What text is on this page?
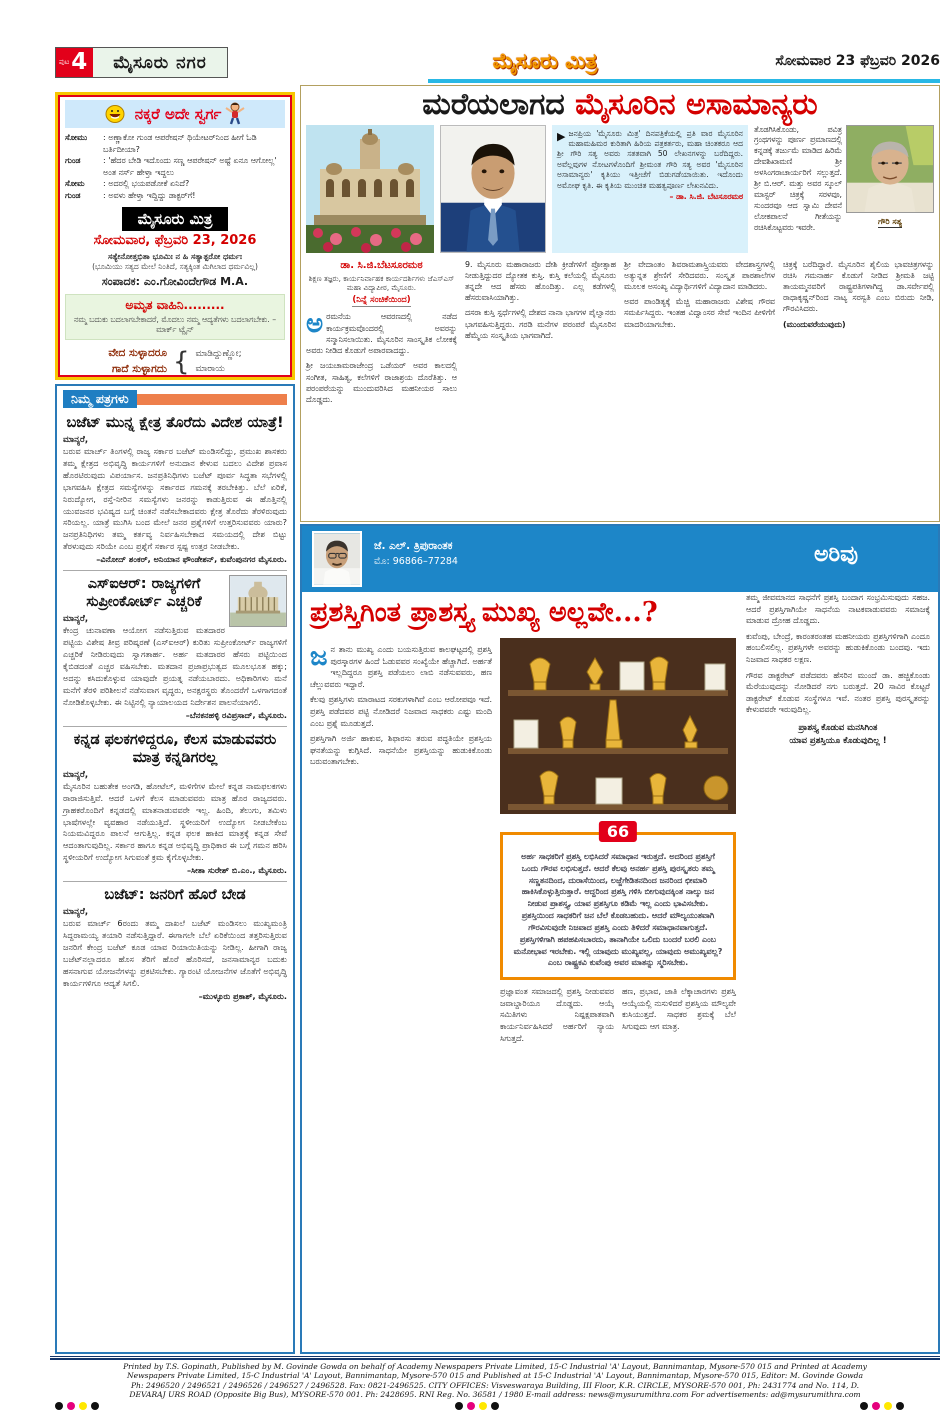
ಪುಟ 4	ಮೈಸೂರು ನಗರ	ಮೈಸೂರು ಮಿತ್ರ	ಸೋಮವಾರ 23 ಫೆಬ್ರವರಿ 2026
ನಕ್ಕರೆ ಅದೇ ಸ್ವರ್ಗ
ಸೋಮು	: ಅಣ್ಣಾಕೋ ಗುಂಡ ಆಪರೇಷನ್ ಥಿಯೇಟರ್‌ನಿಂದ ಹೀಗೆ ಓಡಿ ಬರ್ತಿದೀಯಾ?
ಗುಂಡ	: 'ಹೆದರ ಬೇಡಿ ಇದೊಂದು ಸಣ್ಣ ಆಪರೇಷನ್ ಅಷ್ಟೆ ಏನೂ ಆಗೋಲ್ಲ' ಅಂತ ನರ್ಸ್ ಹೇಳ್ತಾ ಇದ್ದಲು
ಸೋಮ	: ಅದರಲ್ಲಿ ಭಯಪಡೋಕೆ ಏನಿದೆ?
ಗುಂಡ	: ಅವಳು ಹೇಳ್ತಾ ಇದ್ದಿದ್ದು ಡಾಕ್ಟರ್‌ಗೆ!
ಮೈಸೂರು ಮಿತ್ರ
ಸೋಮವಾರ, ಫೆಬ್ರವರಿ 23, 2026
ಸತ್ಯೇನೋತ್ತಭಿತಾ ಭೂಮಿಃ ನ ಹಿ ಸತ್ಯಾತ್ಪರೋ ಧರ್ಮಃ
(ಭೂಮಿಯು ಸತ್ಯದ ಮೇಲೆ ನಿಂತಿದೆ, ಸತ್ಯಕ್ಕಿಂತ ಮಿಗಿಲಾದ ಧರ್ಮವಿಲ್ಲ)
ಸಂಪಾದಕ: ಎಂ.ಗೋವಿಂದೇಗೌಡ M.A.
ಅಮೃತ ವಾಹಿನಿ.........
ನಮ್ಮ ಬದುಕು ಬದಲಾಗಬೇಕಾದರೆ, ಮೊದಲು ನಮ್ಮ ಆದ್ಯತೆಗಳು ಬದಲಾಗಬೇಕು. –ಮಾರ್ಕ್ ಟ್ವೈನ್
ವೇದ ಸುಳ್ಳಾದರೂ
ಗಾದೆ ಸುಳ್ಳಾಗದು { ಮಾಡಿದ್ದುಣ್ಣೋ;
ಮಾರಾಯ
ನಿಮ್ಮ ಪತ್ರಗಳು
ಬಜೆಟ್ ಮುನ್ನ ಕ್ಷೇತ್ರ ತೊರೆದು ವಿದೇಶ ಯಾತ್ರೆ!
ಮಾನ್ಯರೆ,
ಬರುವ ಮಾರ್ಚ್ ತಿಂಗಳಲ್ಲಿ ರಾಜ್ಯ ಸರ್ಕಾರ ಬಜೆಟ್ ಮಂಡಿಸಲಿದ್ದು, ಪ್ರಮುಖ ಶಾಸಕರು ತಮ್ಮ ಕ್ಷೇತ್ರದ ಅಭಿವೃದ್ಧಿ ಕಾರ್ಯಗಳಿಗೆ ಅನುದಾನ ಕೇಳುವ ಬದಲು ವಿದೇಶ ಪ್ರವಾಸ ಹೊರಟಿರುವುದು ವಿಪರ್ಯಾಸ. ಜನಪ್ರತಿನಿಧಿಗಳು ಬಜೆಟ್ ಪೂರ್ವ ಸಿದ್ಧತಾ ಸಭೆಗಳಲ್ಲಿ ಭಾಗವಹಿಸಿ ಕ್ಷೇತ್ರದ ಸಮಸ್ಯೆಗಳನ್ನು ಸರ್ಕಾರದ ಗಮನಕ್ಕೆ ತರಬೇಕಿತ್ತು. ಬೆಲೆ ಏರಿಕೆ, ನಿರುದ್ಯೋಗ, ರಸ್ತೆ-ನೀರಿನ ಸಮಸ್ಯೆಗಳು ಜನರನ್ನು ಕಾಡುತ್ತಿರುವ ಈ ಹೊತ್ತಿನಲ್ಲಿ ಯುವಜನರ ಭವಿಷ್ಯದ ಬಗ್ಗೆ ಚಿಂತನೆ ನಡೆಸಬೇಕಾದವರು ಕ್ಷೇತ್ರ ತೊರೆದು ತೆರಳಿರುವುದು ಸರಿಯಲ್ಲ. ಯಾತ್ರೆ ಮುಗಿಸಿ ಬಂದ ಮೇಲೆ ಜನರ ಪ್ರಶ್ನೆಗಳಿಗೆ ಉತ್ತರಿಸುವವರು ಯಾರು? ಜನಪ್ರತಿನಿಧಿಗಳು ತಮ್ಮ ಕರ್ತವ್ಯ ನಿರ್ವಹಿಸಬೇಕಾದ ಸಮಯದಲ್ಲಿ ದೇಶ ಬಿಟ್ಟು ತೆರಳುವುದು ಸರಿಯೇ ಎಂಬ ಪ್ರಶ್ನೆಗೆ ಸರ್ಕಾರ ಸ್ಪಷ್ಟ ಉತ್ತರ ನೀಡಬೇಕು.
–ವಿನೋದ್ ಶಂಕರ್, ಅನಿಯಾನ ಫೌಂಡೇಶನ್, ಕುವೆಂಪುನಗರ ಮೈಸೂರು.
ಎಸ್‌ಐಆರ್: ರಾಜ್ಯಗಳಿಗೆ ಸುಪ್ರೀಂಕೋರ್ಟ್ ಎಚ್ಚರಿಕೆ
ಮಾನ್ಯರೆ,
ಕೇಂದ್ರ ಚುನಾವಣಾ ಆಯೋಗ ನಡೆಸುತ್ತಿರುವ ಮತದಾರರ ಪಟ್ಟಿಯ ವಿಶೇಷ ತೀವ್ರ ಪರಿಷ್ಕರಣೆ (ಎಸ್‌ಐಆರ್) ಕುರಿತು ಸುಪ್ರೀಂಕೋರ್ಟ್ ರಾಜ್ಯಗಳಿಗೆ ಎಚ್ಚರಿಕೆ ನೀಡಿರುವುದು ಸ್ವಾಗತಾರ್ಹ. ಅರ್ಹ ಮತದಾರರ ಹೆಸರು ಪಟ್ಟಿಯಿಂದ ಕೈಬಿಡದಂತೆ ಎಚ್ಚರ ವಹಿಸಬೇಕು. ಮತದಾನ ಪ್ರಜಾಪ್ರಭುತ್ವದ ಮೂಲಭೂತ ಹಕ್ಕು; ಅದನ್ನು ಕಸಿದುಕೊಳ್ಳುವ ಯಾವುದೇ ಪ್ರಯತ್ನ ನಡೆಯಬಾರದು. ಅಧಿಕಾರಿಗಳು ಮನೆ ಮನೆಗೆ ತೆರಳಿ ಪರಿಶೀಲನೆ ನಡೆಸುವಾಗ ವೃದ್ಧರು, ಅನಕ್ಷರಸ್ಥರು ತೊಂದರೆಗೆ ಒಳಗಾಗದಂತೆ ನೋಡಿಕೊಳ್ಳಬೇಕು. ಈ ನಿಟ್ಟಿನಲ್ಲಿ ನ್ಯಾಯಾಲಯದ ನಿರ್ದೇಶನ ಪಾಲನೆಯಾಗಲಿ.
–ಬೆನಕನಹಳ್ಳಿ ರವಿಪ್ರಸಾದ್, ಮೈಸೂರು.
ಕನ್ನಡ ಫಲಕಗಳಿದ್ದರೂ, ಕೆಲಸ ಮಾಡುವವರು ಮಾತ್ರ ಕನ್ನಡಿಗರಲ್ಲ
ಮಾನ್ಯರೆ,
ಮೈಸೂರಿನ ಬಹುತೇಕ ಅಂಗಡಿ, ಹೋಟೆಲ್, ಮಳಿಗೆಗಳ ಮೇಲೆ ಕನ್ನಡ ನಾಮಫಲಕಗಳು ರಾರಾಜಿಸುತ್ತಿವೆ. ಆದರೆ ಒಳಗೆ ಕೆಲಸ ಮಾಡುವವರು ಮಾತ್ರ ಹೊರ ರಾಜ್ಯದವರು. ಗ್ರಾಹಕರೊಂದಿಗೆ ಕನ್ನಡದಲ್ಲಿ ಮಾತನಾಡುವವರೇ ಇಲ್ಲ. ಹಿಂದಿ, ತೆಲುಗು, ತಮಿಳು ಭಾಷೆಗಳಲ್ಲೇ ವ್ಯವಹಾರ ನಡೆಯುತ್ತಿದೆ. ಸ್ಥಳೀಯರಿಗೆ ಉದ್ಯೋಗ ನೀಡಬೇಕೆಂಬ ನಿಯಮವಿದ್ದರೂ ಪಾಲನೆ ಆಗುತ್ತಿಲ್ಲ. ಕನ್ನಡ ಫಲಕ ಹಾಕಿದ ಮಾತ್ರಕ್ಕೆ ಕನ್ನಡ ಸೇವೆ ಆದಂತಾಗುವುದಿಲ್ಲ. ಸರ್ಕಾರ ಹಾಗೂ ಕನ್ನಡ ಅಭಿವೃದ್ಧಿ ಪ್ರಾಧಿಕಾರ ಈ ಬಗ್ಗೆ ಗಮನ ಹರಿಸಿ ಸ್ಥಳೀಯರಿಗೆ ಉದ್ಯೋಗ ಸಿಗುವಂತೆ ಕ್ರಮ ಕೈಗೊಳ್ಳಬೇಕು.
–ಸೀತಾ ಸುರೇಶ್ ಬಿ.ಎಂ., ಮೈಸೂರು.
ಬಜೆಟ್: ಜನರಿಗೆ ಹೊರೆ ಬೇಡ
ಮಾನ್ಯರೆ,
ಬರುವ ಮಾರ್ಚ್ 6ರಂದು ತಮ್ಮ ದಾಖಲೆ ಬಜೆಟ್ ಮಂಡಿಸಲು ಮುಖ್ಯಮಂತ್ರಿ ಸಿದ್ದರಾಮಯ್ಯ ತಯಾರಿ ನಡೆಸುತ್ತಿದ್ದಾರೆ. ಈಗಾಗಲೇ ಬೆಲೆ ಏರಿಕೆಯಿಂದ ತತ್ತರಿಸುತ್ತಿರುವ ಜನರಿಗೆ ಕೇಂದ್ರ ಬಜೆಟ್ ಕೂಡ ಯಾವ ರಿಯಾಯಿತಿಯನ್ನು ನೀಡಿಲ್ಲ. ಹೀಗಾಗಿ ರಾಜ್ಯ ಬಜೆಟ್‌ನಲ್ಲಾದರೂ ಹೊಸ ತೆರಿಗೆ ಹೊರೆ ಹೊರಿಸದೆ, ಜನಸಾಮಾನ್ಯರ ಬದುಕು ಹಸನಾಗುವ ಯೋಜನೆಗಳನ್ನು ಪ್ರಕಟಿಸಬೇಕು. ಗ್ಯಾರಂಟಿ ಯೋಜನೆಗಳ ಜೊತೆಗೆ ಅಭಿವೃದ್ಧಿ ಕಾರ್ಯಗಳಿಗೂ ಆದ್ಯತೆ ಸಿಗಲಿ.
–ಮುಳ್ಳೂರು ಪ್ರಕಾಶ್, ಮೈಸೂರು.
ಮರೆಯಲಾಗದ ಮೈಸೂರಿನ ಅಸಾಮಾನ್ಯರು
▶ ಜನಪ್ರಿಯ 'ಮೈಸೂರು ಮಿತ್ರ' ದಿನಪತ್ರಿಕೆಯಲ್ಲಿ ಪ್ರತಿ ವಾರ ಮೈಸೂರಿನ ಮಹಾಮಹಿಮರ ಕುರಿತಾಗಿ ಹಿರಿಯ ಪತ್ರಕರ್ತರು, ಮಹಾ ಚಿಂತಕರೂ ಆದ ಶ್ರೀ ಗೌರಿ ಸತ್ಯ ಅವರು ಸತತವಾಗಿ 50 ಲೇಖನಗಳನ್ನು ಬರೆದಿದ್ದರು. ಅವೆಲ್ಲವುಗಳ ನೋಟಗಳೊಂದಿಗೆ ಶ್ರೀಮಂತ ಗೌರಿ ಸತ್ಯ ಅವರ 'ಮೈಸೂರಿನ ಅಸಾಮಾನ್ಯರು' ಕೃತಿಯು ಇತ್ತೀಚೆಗೆ ಬಿಡುಗಡೆಯಾಯಿತು. ಇದೊಂದು ಅಮೋಘ ಕೃತಿ. ಈ ಕೃತಿಯ ಮುಂಚಿತ ಮಹತ್ವಪೂರ್ಣ ಲೇಖನವಿದು.
– ಡಾ. ಸಿ.ಜಿ. ಬೆಟಸೂರಮಠ
ಗೌರಿ ಸತ್ಯ
ತೊಡಗಿಸಿಕೊಂಡು, ಪವಿತ್ರ ಗ್ರಂಥಗಳನ್ನು ಪೂರ್ಣ ಪ್ರಮಾಣದಲ್ಲಿ ಕನ್ನಡಕ್ಕೆ ತರ್ಜುಮೆ ಮಾಡಿದ ಹಿರಿಮೆ ದೇವಶಿಖಾಮಣಿ ಶ್ರೀ ಅಳಸಿಂಗರಾಚಾರ್ಯರಿಗೆ ಸಲ್ಲುತ್ತದೆ. ಶ್ರೀ ಬಿ.ಆರ್. ಮತ್ತು ಅವರ ಸ್ಕೂಲ್ ಮಾಸ್ಟರ್ ಚಿತ್ರಕ್ಕೆ ಸರಳವೂ, ಸುಂದರವೂ ಆದ ಸ್ವಾಮಿ ದೇವನೆ ಲೋಕಪಾಲನೆ ಗೀತೆಯನ್ನು ರಚಿಸಿಕೊಟ್ಟವರು ಇವರೇ.
ಡಾ. ಸಿ.ಜಿ.ಬೆಟಸೂರಮಠ
ಶಿಕ್ಷಣ ತಜ್ಞರು, ಕಾರ್ಯನಿರ್ವಾಹಕ ಕಾರ್ಯದರ್ಶಿಗಳು ಜೆಎಸ್‌ಎಸ್ ಮಹಾ ವಿದ್ಯಾಪೀಠ, ಮೈಸೂರು.
(ನಿನ್ನೆ ಸಂಚಿಕೆಯಿಂದ)

ಅರಮನೆಯ ಆವರಣದಲ್ಲಿ ನಡೆದ ಕಾರ್ಯಕ್ರಮವೊಂದರಲ್ಲಿ ಅವರನ್ನು ಸನ್ಮಾನಿಸಲಾಯಿತು. ಮೈಸೂರಿನ ಸಾಂಸ್ಕೃತಿಕ ಲೋಕಕ್ಕೆ ಅವರು ನೀಡಿದ ಕೊಡುಗೆ ಅಪಾರವಾದದ್ದು.

ಶ್ರೀ ಜಯಚಾಮರಾಜೇಂದ್ರ ಒಡೆಯರ್ ಅವರ ಕಾಲದಲ್ಲಿ ಸಂಗೀತ, ಸಾಹಿತ್ಯ, ಕಲೆಗಳಿಗೆ ರಾಜಾಶ್ರಯ ದೊರೆತಿತ್ತು. ಆ ಪರಂಪರೆಯನ್ನು ಮುಂದುವರಿಸಿದ ಮಹನೀಯರ ಸಾಲು ದೊಡ್ಡದು.

9. ಮೈಸೂರು ಮಹಾರಾಜರು ದೇಶಿ ಕ್ರೀಡೆಗಳಿಗೆ ಪ್ರೋತ್ಸಾಹ ನೀಡುತ್ತಿದ್ದುದರ ದ್ಯೋತಕ ಕುಸ್ತಿ. ಕುಸ್ತಿ ಕಲೆಯಲ್ಲಿ ಮೈಸೂರು ತನ್ನದೇ ಆದ ಹೆಸರು ಹೊಂದಿತ್ತು. ಎಲ್ಲ ಕಡೆಗಳಲ್ಲಿ ಹೆಸರುವಾಸಿಯಾಗಿತ್ತು.

ದಸರಾ ಕುಸ್ತಿ ಸ್ಪರ್ಧೆಗಳಲ್ಲಿ ದೇಶದ ನಾನಾ ಭಾಗಗಳ ಪೈಲ್ವಾನರು ಭಾಗವಹಿಸುತ್ತಿದ್ದರು. ಗರಡಿ ಮನೆಗಳ ಪರಂಪರೆ ಮೈಸೂರಿನ ಹೆಮ್ಮೆಯ ಸಂಸ್ಕೃತಿಯ ಭಾಗವಾಗಿದೆ.

ಶ್ರೀ ವೇದಾಂತಂ ಶಿವರಾಮಶಾಸ್ತ್ರಿಯವರು ವೇದಶಾಸ್ತ್ರಗಳಲ್ಲಿ ಅತ್ಯುನ್ನತ ಶ್ರೇಣಿಗೆ ಸೇರಿದವರು. ಸಂಸ್ಕೃತ ಪಾಠಶಾಲೆಗಳ ಮೂಲಕ ಅಸಂಖ್ಯ ವಿದ್ಯಾರ್ಥಿಗಳಿಗೆ ವಿದ್ಯಾದಾನ ಮಾಡಿದರು.

ಅವರ ಪಾಂಡಿತ್ಯಕ್ಕೆ ಮೆಚ್ಚಿ ಮಹಾರಾಜರು ವಿಶೇಷ ಗೌರವ ಸಮರ್ಪಿಸಿದ್ದರು. ಇಂತಹ ವಿದ್ವಾಂಸರ ಸೇವೆ ಇಂದಿನ ಪೀಳಿಗೆಗೆ ಮಾದರಿಯಾಗಬೇಕು.

ಚಿತ್ರಕ್ಕೆ ಬರೆದಿದ್ದಾರೆ. ಮೈಸೂರಿನ ಶೈಲಿಯ ಭಾವಚಿತ್ರಗಳನ್ನು ರಚಿಸಿ ಗಮನಾರ್ಹ ಕೊಡುಗೆ ನೀಡಿದ ಶ್ರೀಮತಿ ಜಟ್ಟಿ ತಾಯಮ್ಮನವರಿಗೆ ರಾಷ್ಟ್ರಪತಿಗಳಾಗಿದ್ದ ಡಾ.ಸರ್ವೇಪಲ್ಲಿ ರಾಧಾಕೃಷ್ಣನ್‌ರಿಂದ ನಾಟ್ಯ ಸರಸ್ವತಿ ಎಂಬ ಬಿರುದು ನೀಡಿ, ಗೌರವಿಸಿದರು.

(ಮುಂದುವರೆಯುವುದು)

ಜೆ. ಎಲ್. ತ್ರಿಪುರಾಂತಕ
ಮೊ: 96866–77284	ಅರಿವು
ಪ್ರಶಸ್ತಿಗಿಂತ ಪ್ರಾಶಸ್ತ್ಯ ಮುಖ್ಯ ಅಲ್ಲವೇ...?

ಜನ ತಾನು ಮುಖ್ಯ ಎಂದು ಬಯಸುತ್ತಿರುವ ಕಾಲಘಟ್ಟದಲ್ಲಿ ಪ್ರಶಸ್ತಿ ಪುರಸ್ಕಾರಗಳ ಹಿಂದೆ ಓಡುವವರ ಸಂಖ್ಯೆಯೇ ಹೆಚ್ಚಾಗಿದೆ. ಅರ್ಹತೆ ಇಲ್ಲದಿದ್ದರೂ ಪ್ರಶಸ್ತಿ ಪಡೆಯಲು ಲಾಬಿ ನಡೆಸುವವರು, ಹಣ ಚೆಲ್ಲುವವರು ಇದ್ದಾರೆ.

ಕೆಲವು ಪ್ರಶಸ್ತಿಗಳು ಮಾರಾಟದ ಸರಕುಗಳಾಗಿವೆ ಎಂಬ ಆರೋಪವೂ ಇದೆ. ಪ್ರಶಸ್ತಿ ಪಡೆದವರ ಪಟ್ಟಿ ನೋಡಿದರೆ ನಿಜವಾದ ಸಾಧಕರು ಎಷ್ಟು ಮಂದಿ ಎಂಬ ಪ್ರಶ್ನೆ ಮೂಡುತ್ತದೆ.

ಪ್ರಶಸ್ತಿಗಾಗಿ ಅರ್ಜಿ ಹಾಕುವ, ಶಿಫಾರಸು ತರುವ ಪದ್ಧತಿಯೇ ಪ್ರಶಸ್ತಿಯ ಘನತೆಯನ್ನು ಕುಗ್ಗಿಸಿದೆ. ಸಾಧನೆಯೇ ಪ್ರಶಸ್ತಿಯನ್ನು ಹುಡುಕಿಕೊಂಡು ಬರುವಂತಾಗಬೇಕು.

66
ಅರ್ಹ ಸಾಧಕರಿಗೆ ಪ್ರಶಸ್ತಿ ಲಭಿಸಿದರೆ ಸಮಾಧಾನ ಇರುತ್ತದೆ. ಅದರಿಂದ ಪ್ರಶಸ್ತಿಗೆ ಒಂದು ಗೌರವ ಲಭಿಸುತ್ತದೆ. ಆದರೆ ಕೆಲವು ಅನರ್ಹ ಪ್ರಶಸ್ತಿ ಪುರಸ್ಕೃತರು ತಮ್ಮ ಸಣ್ಣತನದಿಂದ, ದುರಾಸೆಯಿಂದ, ಲಜ್ಜೆಗೇಡಿತನದಿಂದ ಜನರಿಂದ ಛೀಮಾರಿ ಹಾಕಿಸಿಕೊಳ್ಳುತ್ತಿರುತ್ತಾರೆ. ಆದ್ದರಿಂದ ಪ್ರಶಸ್ತಿ ಗಳಿಸಿ ಬೀಗುವುದಕ್ಕಿಂತ ನಾಲ್ಕು ಜನ ನೀಡುವ ಪ್ರಾಶಸ್ತ್ಯ, ಯಾವ ಪ್ರಶಸ್ತಿಗೂ ಕಡಿಮೆ ಇಲ್ಲ ಎಂದು ಭಾವಿಸಬೇಕು. ಪ್ರಶಸ್ತಿಯಿಂದ ಸಾಧಕರಿಗೆ ಜನ ಬೆಲೆ ಕೊಡಬಹುದು. ಆದರೆ ಮೌಲ್ಯಯುತವಾಗಿ ಗೌರವಿಸುವುದೇ ನಿಜವಾದ ಪ್ರಶಸ್ತಿ ಎಂದು ತಿಳಿದರೆ ಸಮಾಧಾನವಾಗುತ್ತದೆ. ಪ್ರಶಸ್ತಿಗಳಿಗಾಗಿ ಹಪಹಪಿಸಬಾರದು, ತಾನಾಗಿಯೇ ಒಲಿದು ಬಂದರೆ ಬರಲಿ ಎಂಬ ಮನೋಭಾವ ಇರಬೇಕು. ಇಲ್ಲಿ ಯಾವುದು ಮುಖ್ಯವಲ್ಲ, ಯಾವುದು ಅಮುಖ್ಯವಲ್ಲ? ಎಂಬ ರಾಷ್ಟ್ರಕವಿ ಕುವೆಂಪು ಅವರ ಮಾತನ್ನು ಸ್ಮರಿಸಬೇಕು.

ಪ್ರಜ್ಞಾವಂತ ಸಮಾಜದಲ್ಲಿ ಪ್ರಶಸ್ತಿ ನೀಡುವವರ ಜವಾಬ್ದಾರಿಯೂ ದೊಡ್ಡದು. ಆಯ್ಕೆ ಸಮಿತಿಗಳು ನಿಷ್ಪಕ್ಷಪಾತವಾಗಿ ಕಾರ್ಯನಿರ್ವಹಿಸಿದರೆ ಅರ್ಹರಿಗೆ ನ್ಯಾಯ ಸಿಗುತ್ತದೆ.

ಹಣ, ಪ್ರಭಾವ, ಜಾತಿ ಲೆಕ್ಕಾಚಾರಗಳು ಪ್ರಶಸ್ತಿ ಆಯ್ಕೆಯಲ್ಲಿ ನುಸುಳಿದರೆ ಪ್ರಶಸ್ತಿಯ ಮೌಲ್ಯವೇ ಕುಸಿಯುತ್ತದೆ. ಸಾಧಕರ ಶ್ರಮಕ್ಕೆ ಬೆಲೆ ಸಿಗುವುದು ಆಗ ಮಾತ್ರ.

ತಮ್ಮ ಜೀವಮಾನದ ಸಾಧನೆಗೆ ಪ್ರಶಸ್ತಿ ಬಂದಾಗ ಸಂಭ್ರಮಿಸುವುದು ಸಹಜ. ಆದರೆ ಪ್ರಶಸ್ತಿಗಾಗಿಯೇ ಸಾಧನೆಯ ನಾಟಕವಾಡುವವರು ಸಮಾಜಕ್ಕೆ ಮಾಡುವ ದ್ರೋಹ ದೊಡ್ಡದು.

ಕುವೆಂಪು, ಬೇಂದ್ರೆ, ಕಾರಂತರಂತಹ ಮಹನೀಯರು ಪ್ರಶಸ್ತಿಗಳಿಗಾಗಿ ಎಂದೂ ಹಂಬಲಿಸಲಿಲ್ಲ. ಪ್ರಶಸ್ತಿಗಳೇ ಅವರನ್ನು ಹುಡುಕಿಕೊಂಡು ಬಂದವು. ಇದು ನಿಜವಾದ ಸಾಧಕರ ಲಕ್ಷಣ.

ಗೌರವ ಡಾಕ್ಟರೇಟ್ ಪಡೆದವರು ಹೆಸರಿನ ಮುಂದೆ ಡಾ. ಹಚ್ಚಿಕೊಂಡು ಮೆರೆಯುವುದನ್ನು ನೋಡಿದರೆ ನಗು ಬರುತ್ತದೆ. 20 ಸಾವಿರ ಕೊಟ್ಟರೆ ಡಾಕ್ಟರೇಟ್ ಕೊಡುವ ಸಂಸ್ಥೆಗಳೂ ಇವೆ. ನಂತರ ಪ್ರಶಸ್ತಿ ಪುರಸ್ಕೃತರನ್ನು ಕೇಳುವವರೇ ಇರುವುದಿಲ್ಲ.

ಪ್ರಾಶಸ್ತ್ಯ ಕೊಡುವ ಮನಸಿಗಿಂತ
ಯಾವ ಪ್ರಶಸ್ತಿಯೂ ಕೊಡುವುದಿಲ್ಲ !

Printed by T.S. Gopinath, Published by M. Govinde Gowda on behalf of Academy Newspapers Private Limited, 15-C Industrial 'A' Layout, Bannimantap, Mysore-570 015 and Printed at Academy

Newspapers Private Limited, 15-C Industrial 'A' Layout, Bannimantap, Mysore-570 015 and Published at 15-C Industrial 'A' Layout, Bannimantap, Mysore-570 015, Editor: M. Govinde Gowda

Ph: 2496520 / 2496521 / 2496526 / 2496527 / 2496528. Fax: 0821-2496525. CITY OFFICES: Visveswaraya Building, III Floor, K.R. CIRCLE, MYSORE-570 001, Ph: 2431774 and No. 114, D.

DEVARAJ URS ROAD (Opposite Big Bus), MYSORE-570 001. Ph: 2428695. RNI Reg. No. 36581 / 1980 E-mail address: news@mysurumithra.com For advertisements: ad@mysurumithra.com
